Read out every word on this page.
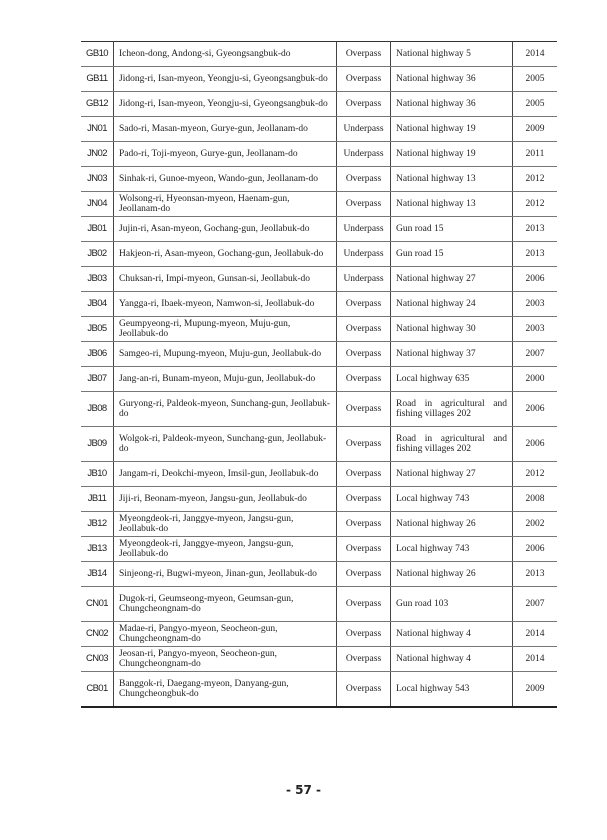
GB10	Icheon-dong, Andong-si, Gyeongsangbuk-do	Overpass	National highway 5	2014
GB11	Jidong-ri, Isan-myeon, Yeongju-si, Gyeongsangbuk-do	Overpass	National highway 36	2005
GB12	Jidong-ri, Isan-myeon, Yeongju-si, Gyeongsangbuk-do	Overpass	National highway 36	2005
JN01	Sado-ri, Masan-myeon, Gurye-gun, Jeollanam-do	Underpass	National highway 19	2009
JN02	Pado-ri, Toji-myeon, Gurye-gun, Jeollanam-do	Underpass	National highway 19	2011
JN03	Sinhak-ri, Gunoe-myeon, Wando-gun, Jeollanam-do	Overpass	National highway 13	2012
JN04	Wolsong-ri, Hyeonsan-myeon, Haenam-gun, Jeollanam-do	Overpass	National highway 13	2012
JB01	Jujin-ri, Asan-myeon, Gochang-gun, Jeollabuk-do	Underpass	Gun road 15	2013
JB02	Hakjeon-ri, Asan-myeon, Gochang-gun, Jeollabuk-do	Underpass	Gun road 15	2013
JB03	Chuksan-ri, Impi-myeon, Gunsan-si, Jeollabuk-do	Underpass	National highway 27	2006
JB04	Yangga-ri, Ibaek-myeon, Namwon-si, Jeollabuk-do	Overpass	National highway 24	2003
JB05	Geumpyeong-ri, Mupung-myeon, Muju-gun, Jeollabuk-do	Overpass	National highway 30	2003
JB06	Samgeo-ri, Mupung-myeon, Muju-gun, Jeollabuk-do	Overpass	National highway 37	2007
JB07	Jang-an-ri, Bunam-myeon, Muju-gun, Jeollabuk-do	Overpass	Local highway 635	2000
JB08	Guryong-ri, Paldeok-myeon, Sunchang-gun, Jeollabuk-do	Overpass	Road in agricultural and fishing villages 202	2006
JB09	Wolgok-ri, Paldeok-myeon, Sunchang-gun, Jeollabuk-do	Overpass	Road in agricultural and fishing villages 202	2006
JB10	Jangam-ri, Deokchi-myeon, Imsil-gun, Jeollabuk-do	Overpass	National highway 27	2012
JB11	Jiji-ri, Beonam-myeon, Jangsu-gun, Jeollabuk-do	Overpass	Local highway 743	2008
JB12	Myeongdeok-ri, Janggye-myeon, Jangsu-gun, Jeollabuk-do	Overpass	National highway 26	2002
JB13	Myeongdeok-ri, Janggye-myeon, Jangsu-gun, Jeollabuk-do	Overpass	Local highway 743	2006
JB14	Sinjeong-ri, Bugwi-myeon, Jinan-gun, Jeollabuk-do	Overpass	National highway 26	2013
CN01	Dugok-ri, Geumseong-myeon, Geumsan-gun, Chungcheongnam-do	Overpass	Gun road 103	2007
CN02	Madae-ri, Pangyo-myeon, Seocheon-gun, Chungcheongnam-do	Overpass	National highway 4	2014
CN03	Jeosan-ri, Pangyo-myeon, Seocheon-gun, Chungcheongnam-do	Overpass	National highway 4	2014
CB01	Banggok-ri, Daegang-myeon, Danyang-gun, Chungcheongbuk-do	Overpass	Local highway 543	2009
- 57 -
